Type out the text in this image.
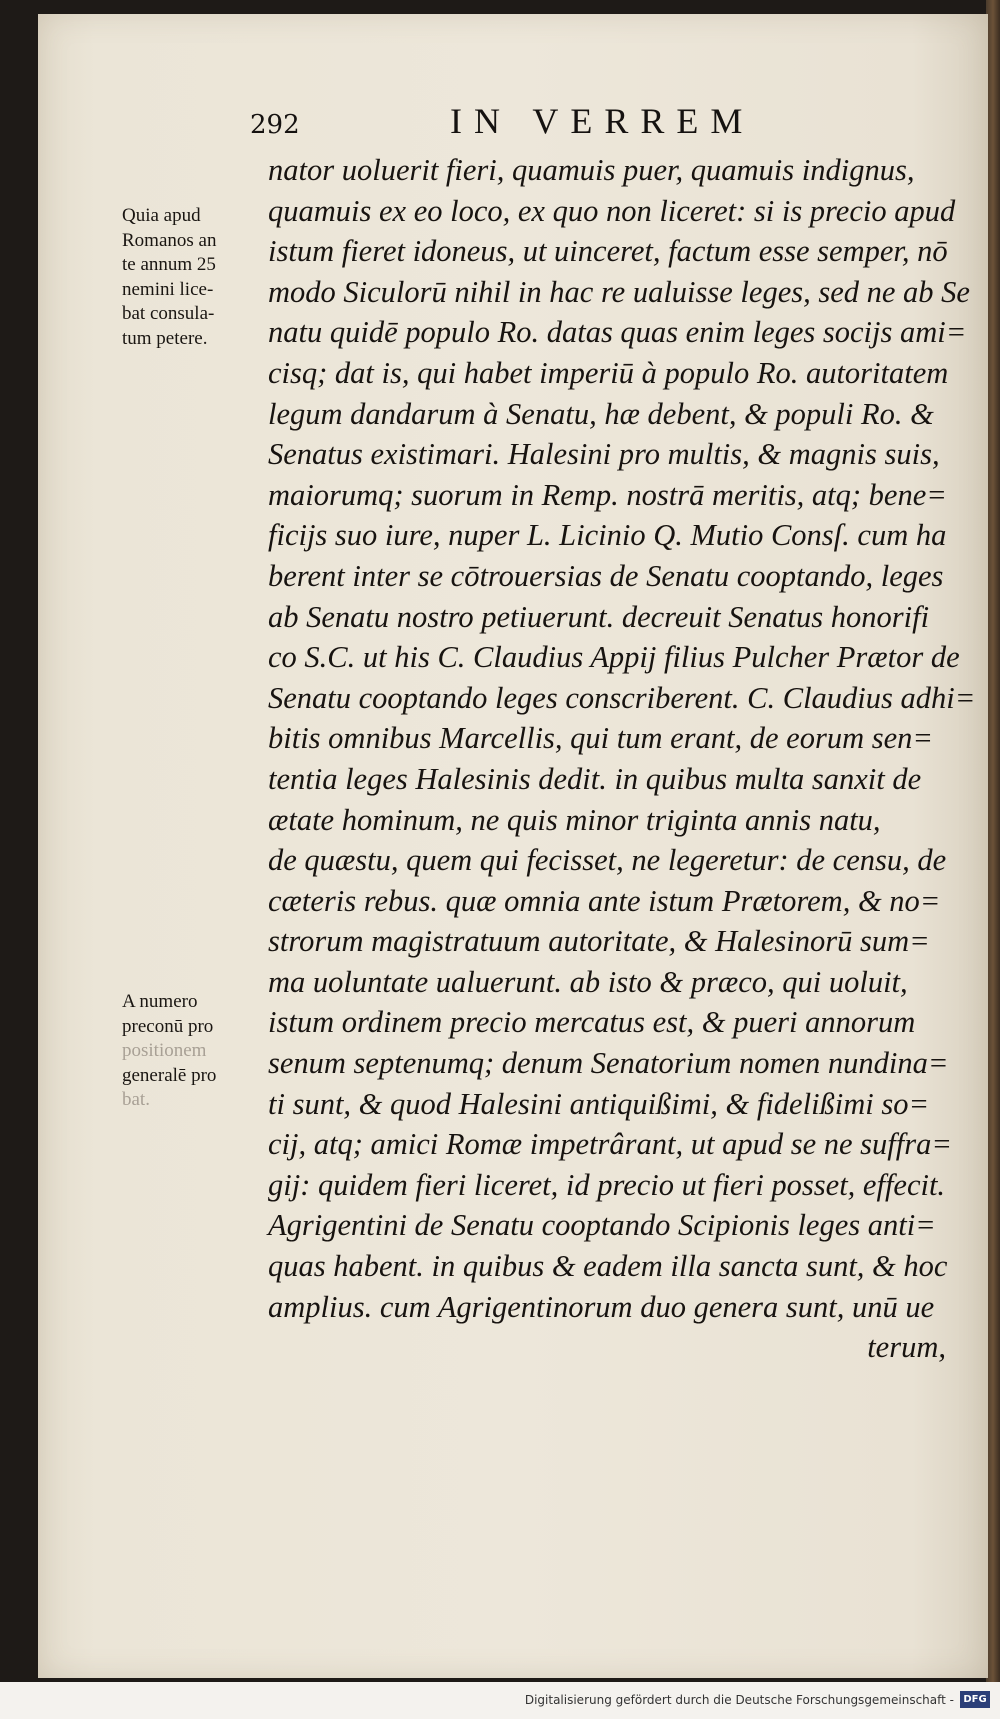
292	IN VERREM
Quia apud
Romanos an
te annum 25
nemini lice-
bat consula-
tum petere.
A numero
preconū pro
positionem
generalē pro
bat.
nator uoluerit fieri, quamuis puer, quamuis indignus,
quamuis ex eo loco, ex quo non liceret: si is precio apud
istum fieret idoneus, ut uinceret, factum esse semper, nō
modo Siculorū nihil in hac re ualuisse leges, sed ne ab Se
natu quidē populo Ro. datas quas enim leges socijs ami=
cisq; dat is, qui habet imperiū à populo Ro. autoritatem
legum dandarum à Senatu, hæ debent, & populi Ro. &
Senatus existimari. Halesini pro multis, & magnis suis,
maiorumq; suorum in Remp. nostrā meritis, atq; bene=
ficijs suo iure, nuper L. Licinio Q. Mutio Consſ. cum ha
berent inter se cōtrouersias de Senatu cooptando, leges
ab Senatu nostro petiuerunt. decreuit Senatus honorifi
co S.C. ut his C. Claudius Appij filius Pulcher Prætor de
Senatu cooptando leges conscriberent. C. Claudius adhi=
bitis omnibus Marcellis, qui tum erant, de eorum sen=
tentia leges Halesinis dedit. in quibus multa sanxit de
ætate hominum, ne quis minor triginta annis natu,
de quæstu, quem qui fecisset, ne legeretur: de censu, de
cæteris rebus. quæ omnia ante istum Prætorem, & no=
strorum magistratuum autoritate, & Halesinorū sum=
ma uoluntate ualuerunt. ab isto & præco, qui uoluit,
istum ordinem precio mercatus est, & pueri annorum
senum septenumq; denum Senatorium nomen nundina=
ti sunt, & quod Halesini antiquißimi, & fidelißimi so=
cij, atq; amici Romæ impetrârant, ut apud se ne suffra=
gij: quidem fieri liceret, id precio ut fieri posset, effecit.
Agrigentini de Senatu cooptando Scipionis leges anti=
quas habent. in quibus & eadem illa sancta sunt, & hoc
amplius. cum Agrigentinorum duo genera sunt, unū ue
terum,
Digitalisierung gefördert durch die Deutsche Forschungsgemeinschaft - DFG
